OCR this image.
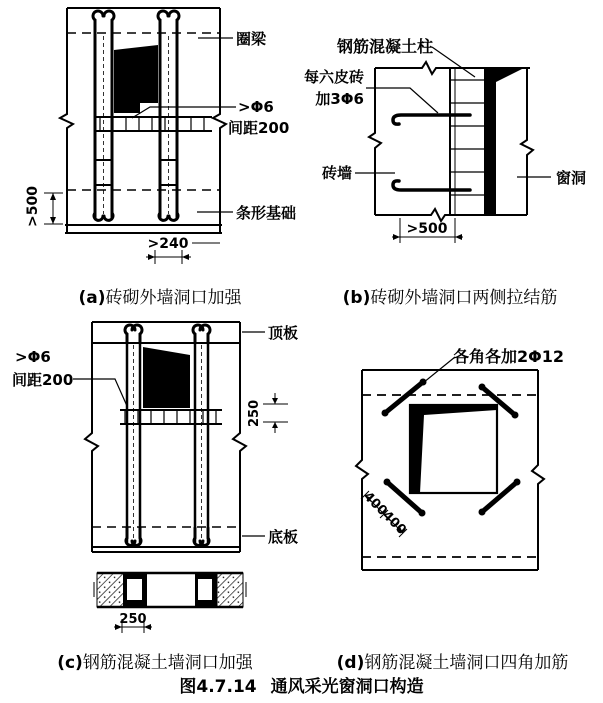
圈梁
>Φ6
间距200
条形基础
>500
>240
钢筋混凝土柱
每六皮砖
加3Φ6
砖墙	窗洞
>500
>Φ6
间距200
顶板
底板
250
250
各角各加2Φ12
400
400
(a)砖砌外墙洞口加强	(b)砖砌外墙洞口两侧拉结筋
(c)钢筋混凝土墙洞口加强	(d)钢筋混凝土墙洞口四角加筋
图4.7.14 通风采光窗洞口构造
